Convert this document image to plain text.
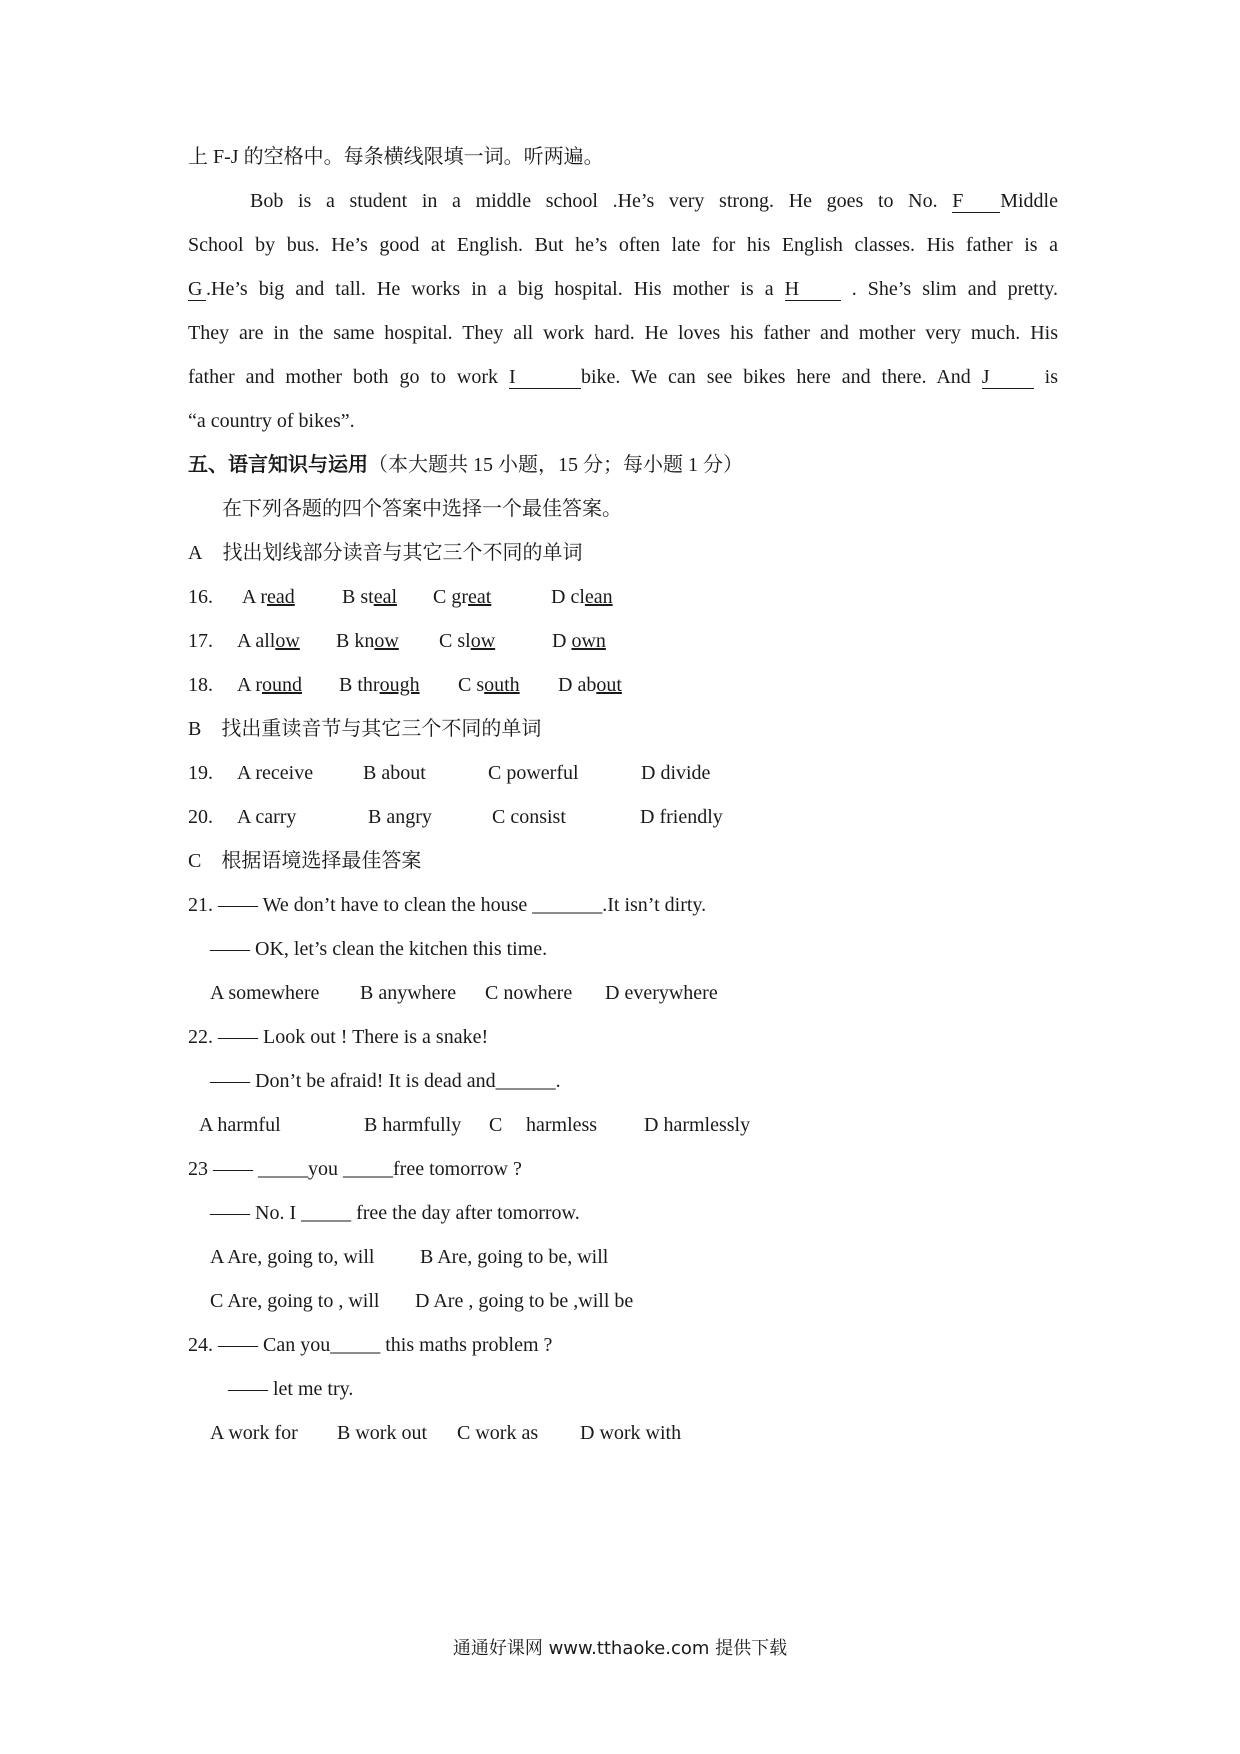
上 F-J 的空格中。每条横线限填一词。听两遍。
Bob is a student in a middle school .He’s very strong. He goes to No. F Middle
School by bus. He’s good at English. But he’s often late for his English classes. His father is a
G .He’s big and tall. He works in a big hospital. His mother is a H	. She’s slim and pretty.
They are in the same hospital. They all work hard. He loves his father and mother very much. His
father and mother both go to work I	bike. We can see bikes here and there. And J	is
“a country of bikes”.
五、语言知识与运用（本大题共 15 小题，15 分；每小题 1 分）
在下列各题的四个答案中选择一个最佳答案。
A 找出划线部分读音与其它三个不同的单词
16. A read B steal C great	D clean
17. A allow B know C slow	D own
18. A round B through C south D about
B 找出重读音节与其它三个不同的单词
19. A receive B about	C powerful	D divide
20. A carry	B angry	C consist	D friendly
C 根据语境选择最佳答案
21. —— We don’t have to clean the house _______.It isn’t dirty.
—— OK, let’s clean the kitchen this time.
A somewhere B anywhere C nowhere D everywhere
22. —— Look out ! There is a snake!
—— Don’t be afraid! It is dead and______.
A harmful	B harmfully C harmless D harmlessly
23 —— _____you _____free tomorrow ?
—— No. I _____ free the day after tomorrow.
A Are, going to, will B Are, going to be, will
C Are, going to , will D Are , going to be ,will be
24. —— Can you_____ this maths problem ?
—— let me try.
A work for B work out C work as D work with
通通好课网 www.tthaoke.com 提供下载
